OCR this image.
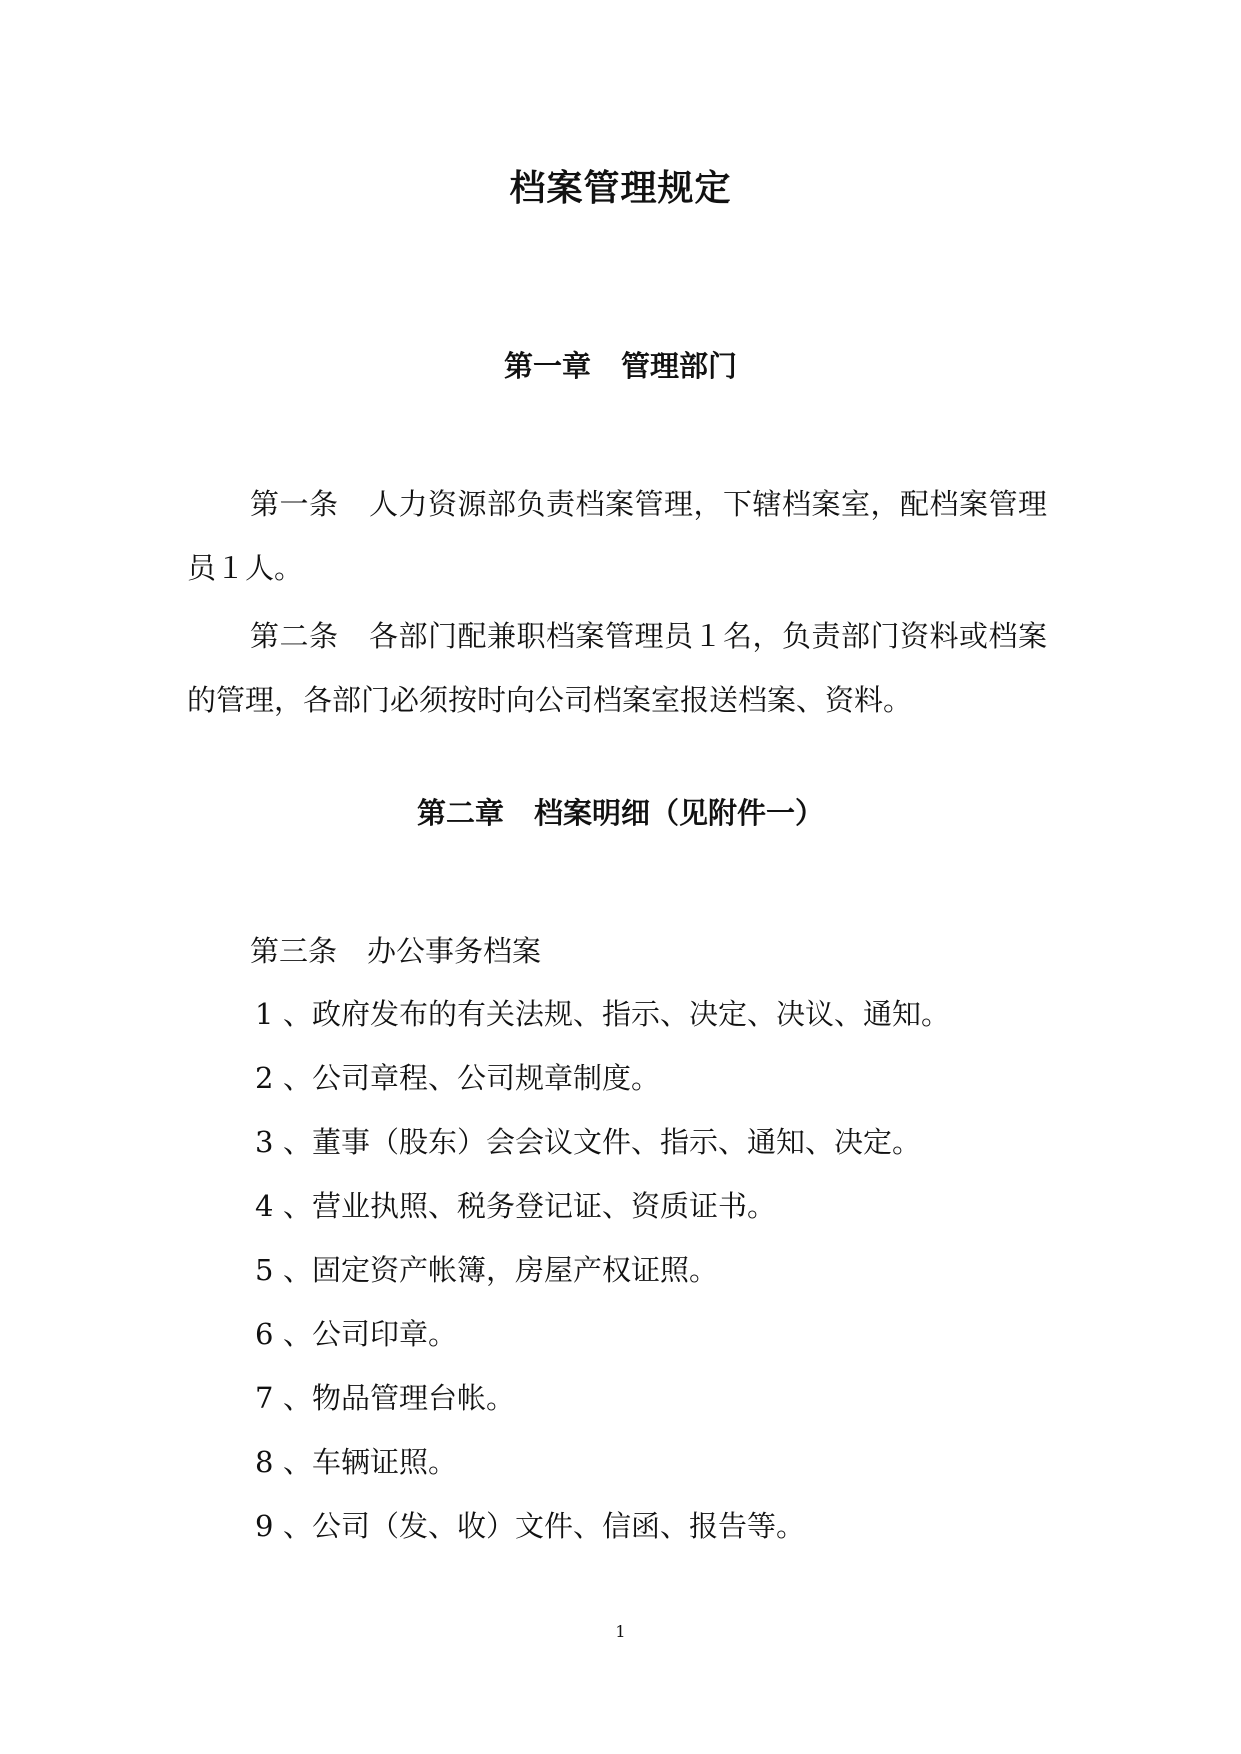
档案管理规定
第一章 管理部门
第一条 人力资源部负责档案管理，下辖档案室，配档案管理员１人。
第二条 各部门配兼职档案管理员１名，负责部门资料或档案的管理，各部门必须按时向公司档案室报送档案、资料。
第二章 档案明细（见附件一）
第三条 办公事务档案
1 、政府发布的有关法规、指示、决定、决议、通知。
2 、公司章程、公司规章制度。
3 、董事（股东）会会议文件、指示、通知、决定。
4 、营业执照、税务登记证、资质证书。
5 、固定资产帐簿，房屋产权证照。
6 、公司印章。
7 、物品管理台帐。
8 、车辆证照。
9 、公司（发、收）文件、信函、报告等。
1
